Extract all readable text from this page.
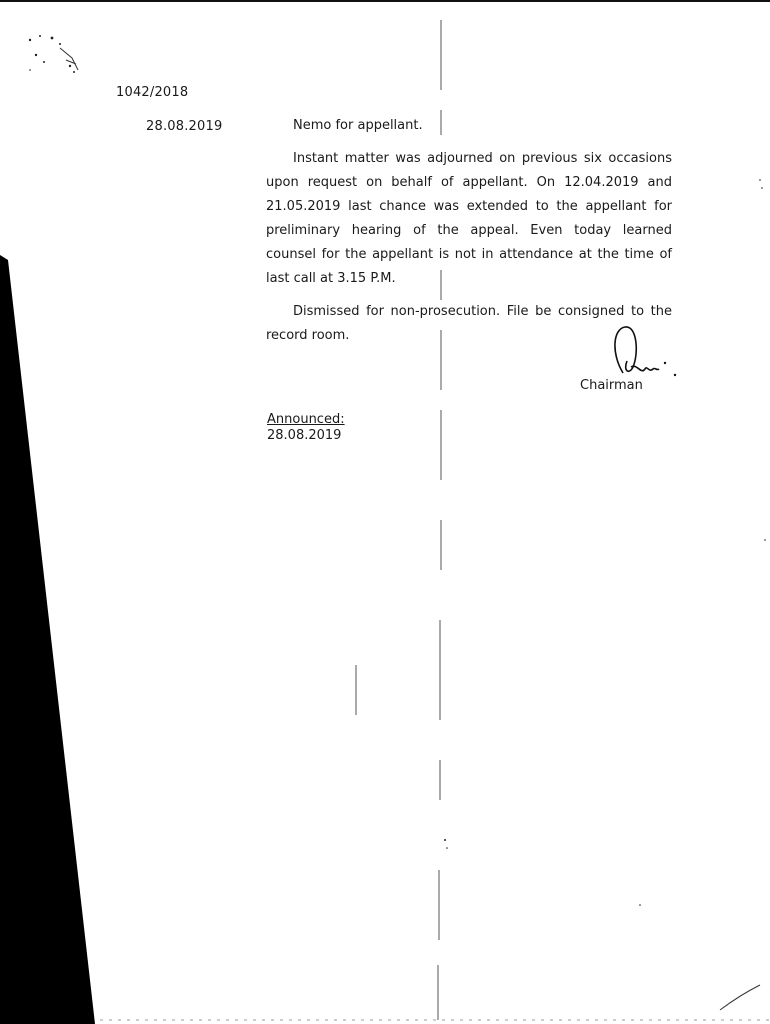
1042/2018
28.08.2019	Nemo for appellant.

Instant matter was adjourned on previous six occasions upon request on behalf of appellant. On 12.04.2019 and 21.05.2019 last chance was extended to the appellant for preliminary hearing of the appeal. Even today learned counsel for the appellant is not in attendance at the time of last call at 3.15 P.M.

Dismissed for non-prosecution. File be consigned to the record room.

Chairman
Announced:
28.08.2019
